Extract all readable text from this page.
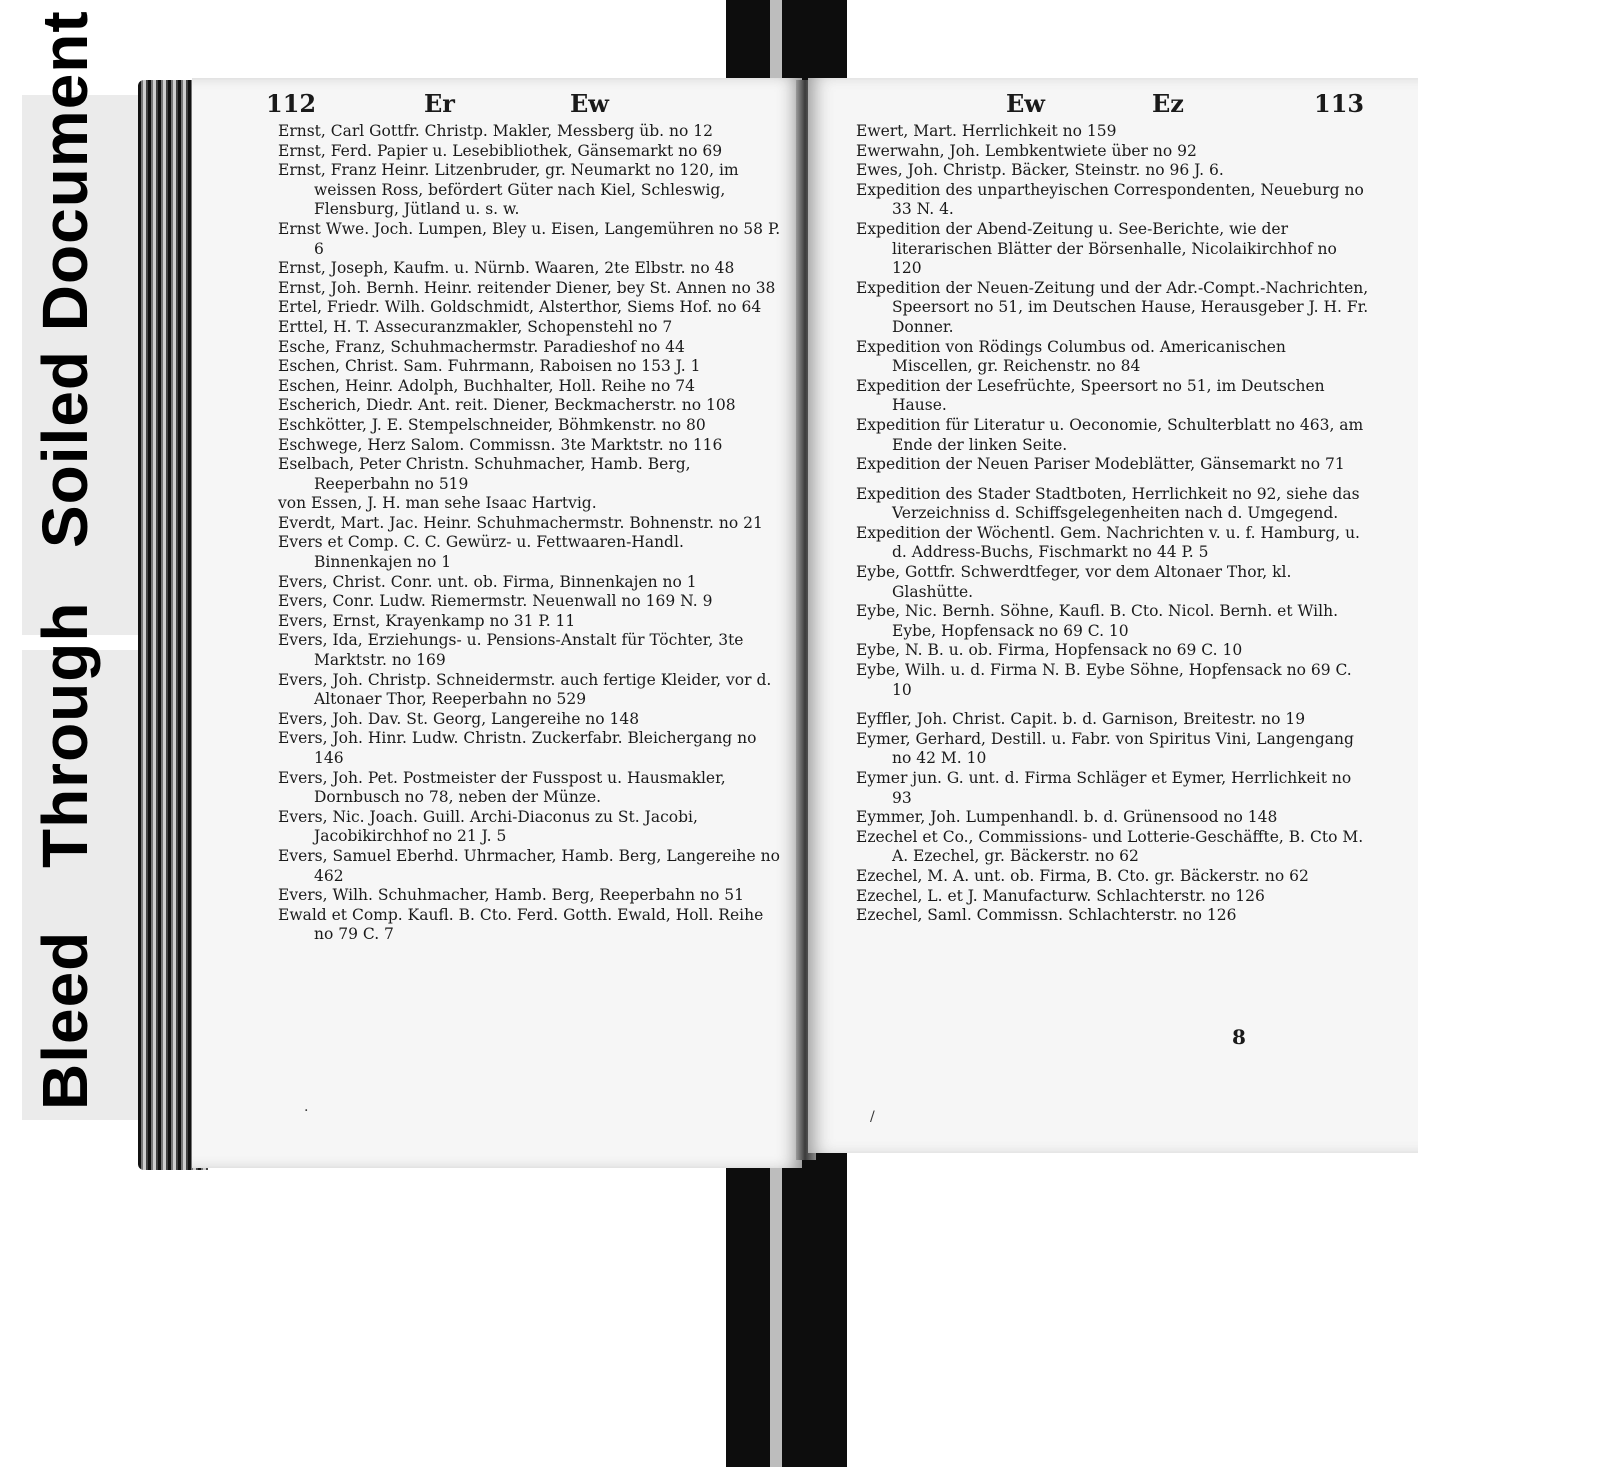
BleedThroughSoiled Document	112	Er	Ew

Ernst, Carl Gottfr. Christp. Makler, Messberg üb. no 12

Ernst, Ferd. Papier u. Lesebibliothek, Gänsemarkt no 69

Ernst, Franz Heinr. Litzenbruder, gr. Neumarkt no 120, im weissen Ross, befördert Güter nach Kiel, Schleswig, Flensburg, Jütland u. s. w.

Ernst Wwe. Joch. Lumpen, Bley u. Eisen, Langemühren no 58 P. 6

Ernst, Joseph, Kaufm. u. Nürnb. Waaren, 2te Elbstr. no 48

Ernst, Joh. Bernh. Heinr. reitender Diener, bey St. Annen no 38

Ertel, Friedr. Wilh. Goldschmidt, Alsterthor, Siems Hof. no 64

Erttel, H. T. Assecuranzmakler, Schopenstehl no 7

Esche, Franz, Schuhmachermstr. Paradieshof no 44

Eschen, Christ. Sam. Fuhrmann, Raboisen no 153 J. 1

Eschen, Heinr. Adolph, Buchhalter, Holl. Reihe no 74

Escherich, Diedr. Ant. reit. Diener, Beckmacherstr. no 108

Eschkötter, J. E. Stempelschneider, Böhmkenstr. no 80

Eschwege, Herz Salom. Commissn. 3te Marktstr. no 116

Eselbach, Peter Christn. Schuhmacher, Hamb. Berg, Reeperbahn no 519

von Essen, J. H. man sehe Isaac Hartvig.

Everdt, Mart. Jac. Heinr. Schuhmachermstr. Bohnenstr. no 21

Evers et Comp. C. C. Gewürz- u. Fettwaaren-Handl. Binnenkajen no 1

Evers, Christ. Conr. unt. ob. Firma, Binnenkajen no 1

Evers, Conr. Ludw. Riemermstr. Neuenwall no 169 N. 9

Evers, Ernst, Krayenkamp no 31 P. 11

Evers, Ida, Erziehungs- u. Pensions-Anstalt für Töchter, 3te Marktstr. no 169

Evers, Joh. Christp. Schneidermstr. auch fertige Kleider, vor d. Altonaer Thor, Reeperbahn no 529

Evers, Joh. Dav. St. Georg, Langereihe no 148

Evers, Joh. Hinr. Ludw. Christn. Zuckerfabr. Bleichergang no 146

Evers, Joh. Pet. Postmeister der Fusspost u. Hausmakler, Dornbusch no 78, neben der Münze.

Evers, Nic. Joach. Guill. Archi-Diaconus zu St. Jacobi, Jacobikirchhof no 21 J. 5

Evers, Samuel Eberhd. Uhrmacher, Hamb. Berg, Langereihe no 462

Evers, Wilh. Schuhmacher, Hamb. Berg, Reeperbahn no 51

Ewald et Comp. Kaufl. B. Cto. Ferd. Gotth. Ewald, Holl. Reihe no 79 C. 7

.
Ew	Ez	113

Ewert, Mart. Herrlichkeit no 159

Ewerwahn, Joh. Lembkentwiete über no 92

Ewes, Joh. Christp. Bäcker, Steinstr. no 96 J. 6.

Expedition des unpartheyischen Correspondenten, Neueburg no 33 N. 4.

Expedition der Abend-Zeitung u. See-Berichte, wie der literarischen Blätter der Börsenhalle, Nicolaikirchhof no 120

Expedition der Neuen-Zeitung und der Adr.-Compt.-Nachrichten, Speersort no 51, im Deutschen Hause, Herausgeber J. H. Fr. Donner.

Expedition von Rödings Columbus od. Americanischen Miscellen, gr. Reichenstr. no 84

Expedition der Lesefrüchte, Speersort no 51, im Deutschen Hause.

Expedition für Literatur u. Oeconomie, Schulterblatt no 463, am Ende der linken Seite.

Expedition der Neuen Pariser Modeblätter, Gänsemarkt no 71

Expedition des Stader Stadtboten, Herrlichkeit no 92, siehe das Verzeichniss d. Schiffsgelegenheiten nach d. Umgegend.

Expedition der Wöchentl. Gem. Nachrichten v. u. f. Hamburg, u. d. Address-Buchs, Fischmarkt no 44 P. 5

Eybe, Gottfr. Schwerdtfeger, vor dem Altonaer Thor, kl. Glashütte.

Eybe, Nic. Bernh. Söhne, Kaufl. B. Cto. Nicol. Bernh. et Wilh. Eybe, Hopfensack no 69 C. 10

Eybe, N. B. u. ob. Firma, Hopfensack no 69 C. 10

Eybe, Wilh. u. d. Firma N. B. Eybe Söhne, Hopfensack no 69 C. 10

Eyffler, Joh. Christ. Capit. b. d. Garnison, Breitestr. no 19

Eymer, Gerhard, Destill. u. Fabr. von Spiritus Vini, Langengang no 42 M. 10

Eymer jun. G. unt. d. Firma Schläger et Eymer, Herrlichkeit no 93

Eymmer, Joh. Lumpenhandl. b. d. Grünensood no 148

Ezechel et Co., Commissions- und Lotterie-Geschäffte, B. Cto M. A. Ezechel, gr. Bäckerstr. no 62

Ezechel, M. A. unt. ob. Firma, B. Cto. gr. Bäckerstr. no 62

Ezechel, L. et J. Manufacturw. Schlachterstr. no 126

Ezechel, Saml. Commissn. Schlachterstr. no 126

8
/
